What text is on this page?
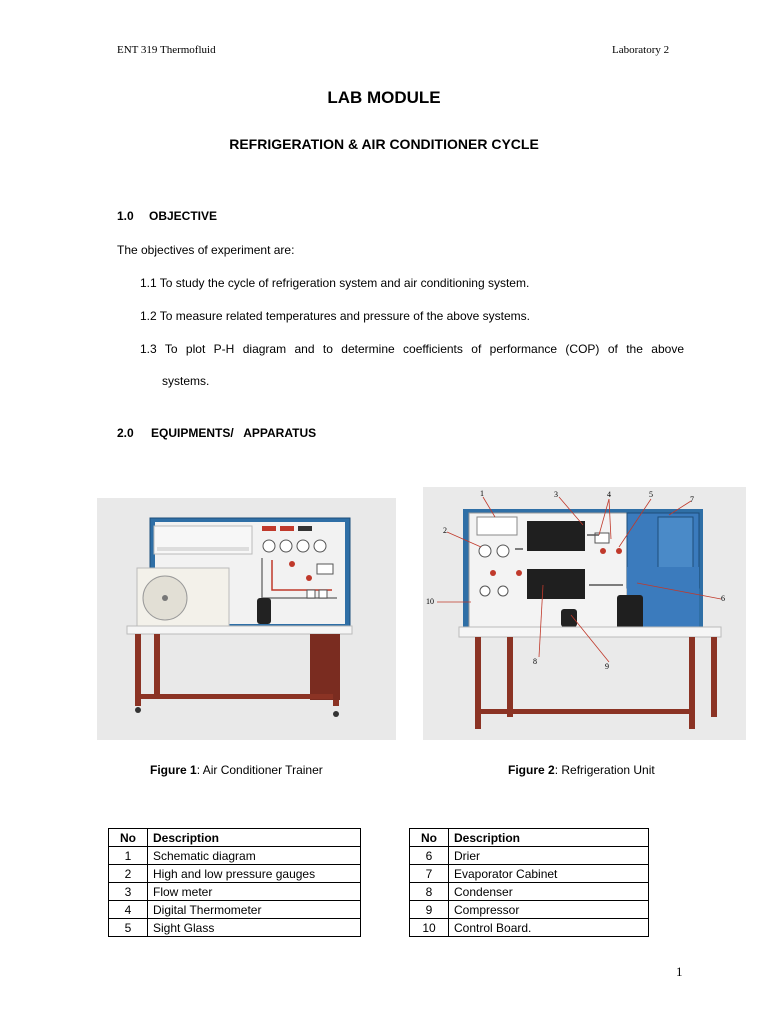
ENT 319 Thermofluid	Laboratory 2
LAB MODULE
REFRIGERATION & AIR CONDITIONER CYCLE
1.0 OBJECTIVE
The objectives of experiment are:
1.1 To study the cycle of refrigeration system and air conditioning system.
1.2 To measure related temperatures and pressure of the above systems.
1.3 To plot P-H diagram and to determine coefficients of performance (COP) of the above
systems.
2.0 EQUIPMENTS/   APPARATUS
1
2
3	4	5
6
7
8
9
10
Figure 1: Air Conditioner Trainer	Figure 2: Refrigeration Unit
No	Description
1	Schematic diagram
2	High and low pressure gauges
3	Flow meter
4	Digital Thermometer
5	Sight Glass
No	Description
6	Drier
7	Evaporator Cabinet
8	Condenser
9	Compressor
10	Control Board.
1
